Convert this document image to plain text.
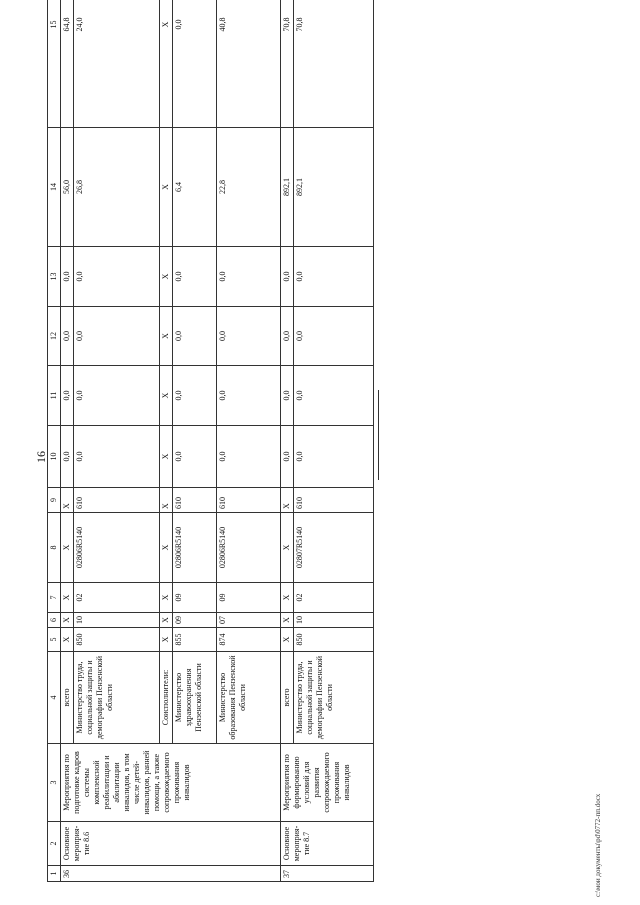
16
c:\мои документы\pd\0772-пп.docx
1	2	3	4	5	6	7	8	9	10	11	12	13	14	15
36	Основное мероприя-тие 8.6	Мероприятия по подготовке кадров системы комплексной реабилитации и абилитации инвалидов, в том числе детей-инвалидов, ранней помощи, а также сопровождаемого проживания инвалидов	всего	X	X	X	X	X	0,0	0,0	0,0	0,0	56,0	64,8
			Министерство труда, социальной защиты и демографии Пензенской области	850	10	02	02806R5140	610	0,0	0,0	0,0	0,0	26,8	24,0
			Соисполнители:	X	X	X	X	X	X	X	X	X	X	X
			Министерство здравоохранения Пензенской области	855	09	09	02806R5140	610	0,0	0,0	0,0	0,0	6,4	0,0
			Министерство образования Пензенской области	874	07	09	02806R5140	610	0,0	0,0	0,0	0,0	22,8	40,8
37	Основное мероприя-тие 8.7	Мероприятия по формированию условий для развития сопровождаемого проживания инвалидов	всего	X	X	X	X	X	0,0	0,0	0,0	0,0	892,1	70,8
			Министерство труда, социальной защиты и демографии Пензенской области	850	10	02	02807R5140	610	0,0	0,0	0,0	0,0	892,1	70,8
